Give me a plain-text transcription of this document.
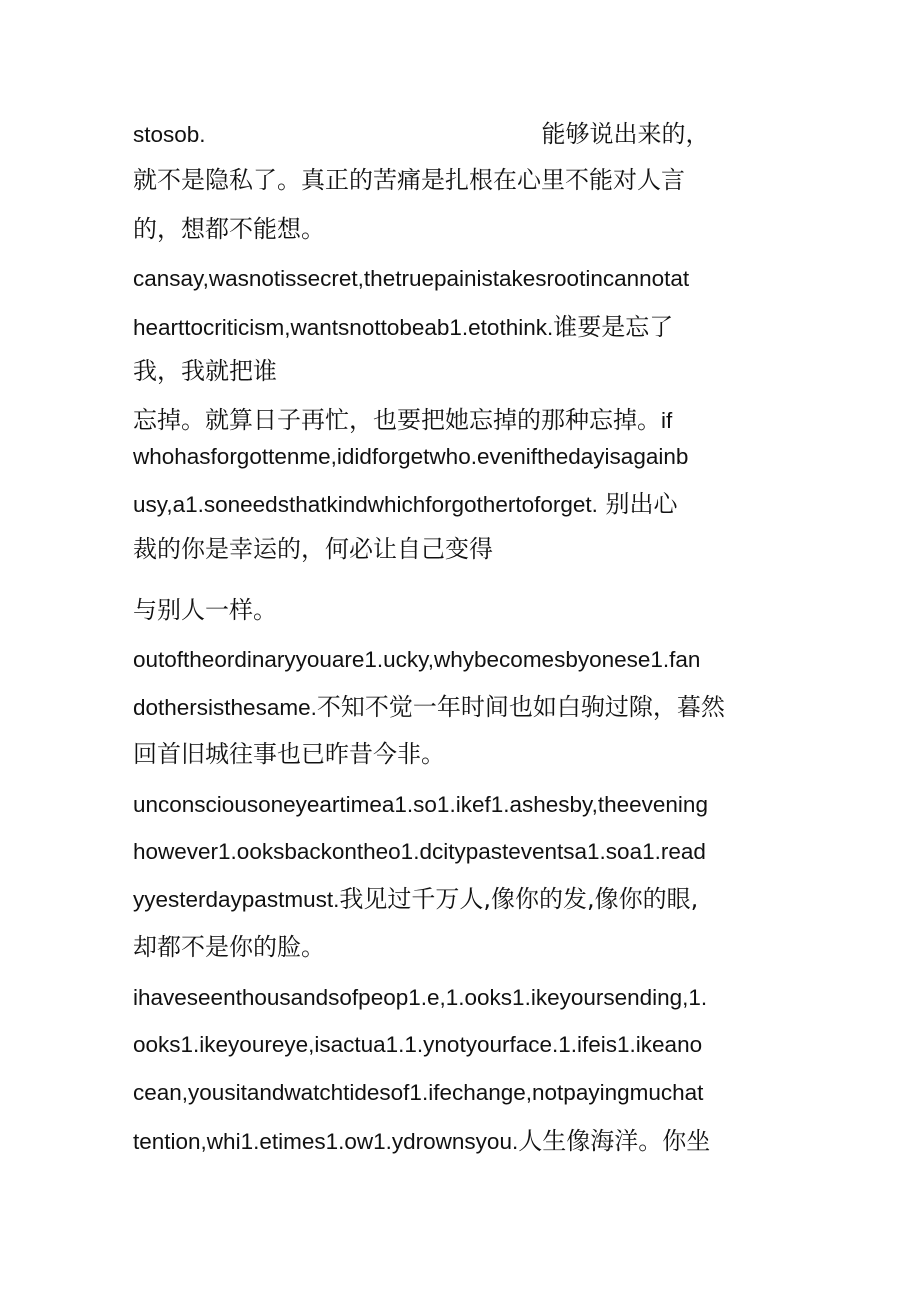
stosob.	能够说出来的，
就不是隐私了。真正的苦痛是扎根在心里不能对人言
的，想都不能想。
cansay,wasnotissecret,thetruepainistakesrootincannotat
hearttocriticism,wantsnottobeab1.etothink.谁要是忘了
我，我就把谁
忘掉。就算日子再忙，也要把她忘掉的那种忘掉。if
whohasforgottenme,ididforgetwho.evenifthedayisagainb
usy,a1.soneedsthatkindwhichforgothertoforget. 别出心
裁的你是幸运的，何必让自己变得
与别人一样。
outoftheordinaryyouare1.ucky,whybecomesbyonese1.fan
dothersisthesame.不知不觉一年时间也如白驹过隙，暮然
回首旧城往事也已昨昔今非。
unconsciousoneyeartimea1.so1.ikef1.ashesby,theevening
however1.ooksbackontheo1.dcitypasteventsa1.soa1.read
yyesterdaypastmust.我见过千万人,像你的发,像你的眼,
却都不是你的脸。
ihaveseenthousandsofpeop1.e,1.ooks1.ikeyoursending,1.
ooks1.ikeyoureye,isactua1.1.ynotyourface.1.ifeis1.ikeano
cean,yousitandwatchtidesof1.ifechange,notpayingmuchat
tention,whi1.etimes1.ow1.ydrownsyou.人生像海洋。你坐
